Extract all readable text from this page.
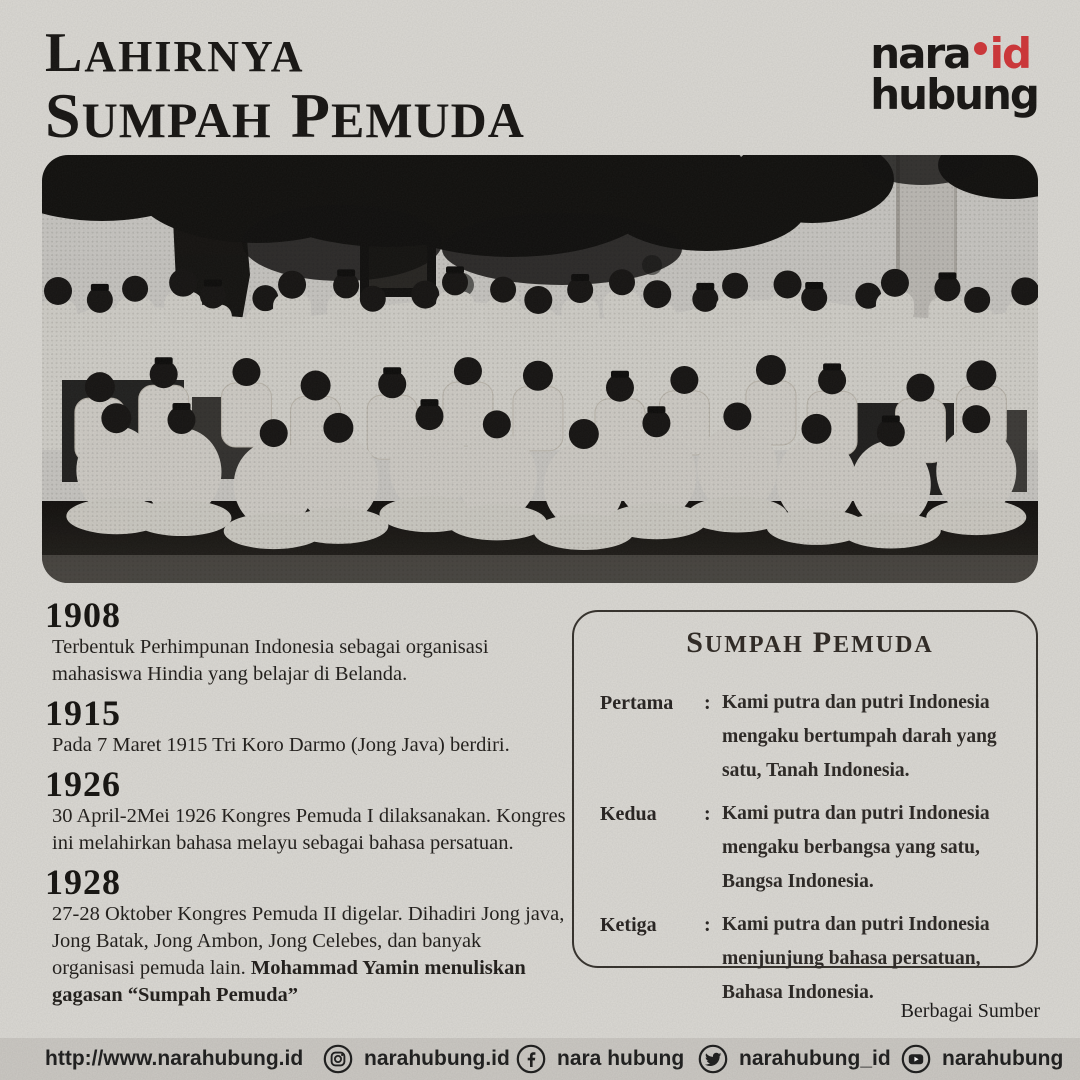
LAHIRNYA
SUMPAH PEMUDA
nara id
hubung
1908

Terbentuk Perhimpunan Indonesia sebagai organisasi mahasiswa Hindia yang belajar di Belanda.

1915

Pada 7 Maret 1915 Tri Koro Darmo (Jong Java) berdiri.

1926

30 April-2Mei 1926 Kongres Pemuda I dilaksanakan. Kongres ini melahirkan bahasa melayu sebagai bahasa persatuan.

1928

27-28 Oktober Kongres Pemuda II digelar. Dihadiri Jong java, Jong Batak, Jong Ambon, Jong Celebes, dan banyak organisasi pemuda lain. Mohammad Yamin menuliskan gagasan “Sumpah Pemuda”

SUMPAH PEMUDA
Pertama	: Kami putra dan putri Indonesia mengaku bertumpah darah yang satu, Tanah Indonesia.
Kedua	: Kami putra dan putri Indonesia mengaku berbangsa yang satu, Bangsa Indonesia.
Ketiga	: Kami putra dan putri Indonesia menjunjung bahasa persatuan, Bahasa Indonesia.
Berbagai Sumber
http://www.narahubung.id	narahubung.id nara hubung	narahubung_id narahubung
